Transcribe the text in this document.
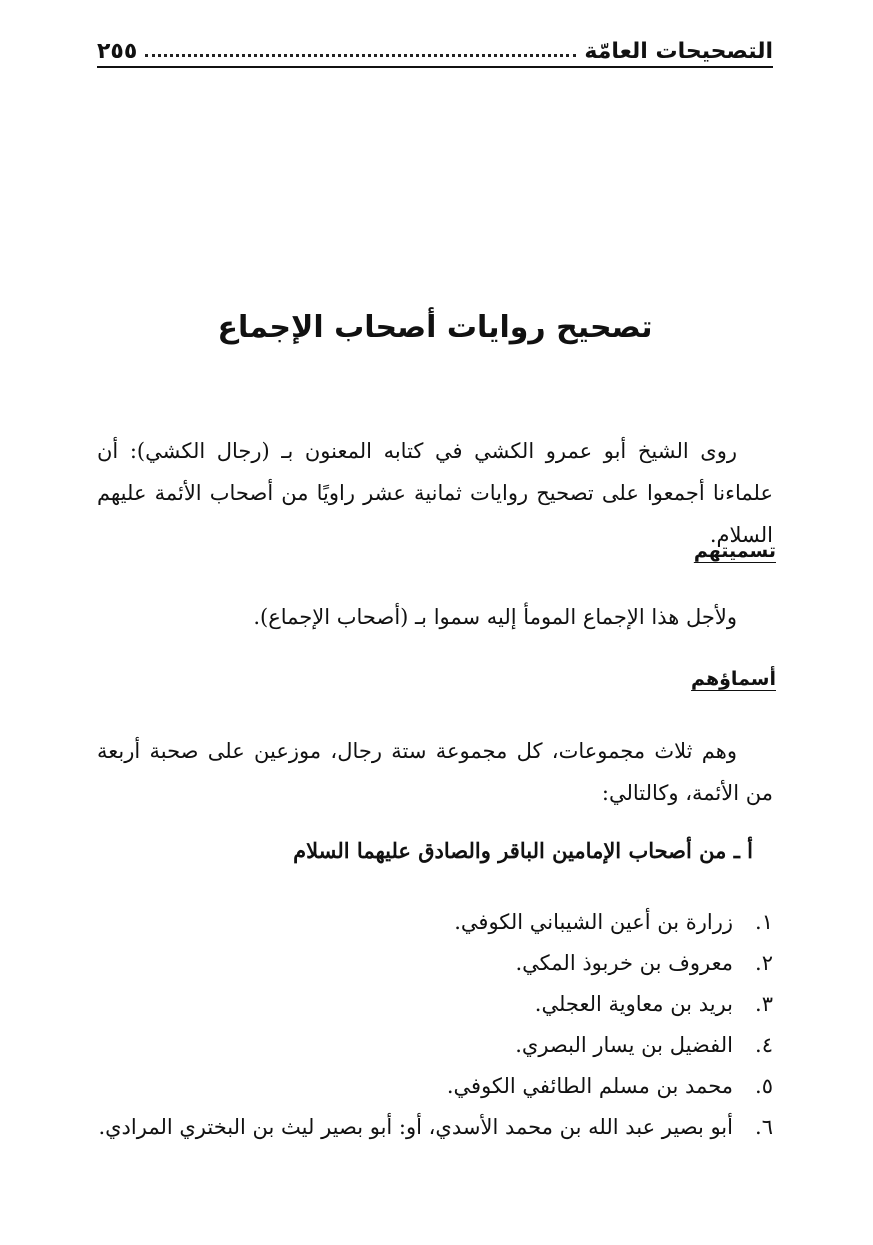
التصحيحات العامّة
٢٥٥
تصحيح روايات أصحاب الإجماع

روى الشيخ أبو عمرو الكشي في كتابه المعنون بـ (رجال الكشي): أن علماءنا أجمعوا على تصحيح روايات ثمانية عشر راويًا من أصحاب الأئمة عليهم السلام.

تسميتهم

ولأجل هذا الإجماع المومأ إليه سموا بـ (أصحاب الإجماع).

أسماؤهم

وهم ثلاث مجموعات، كل مجموعة ستة رجال، موزعين على صحبة أربعة من الأئمة، وكالتالي:

أ ـ من أصحاب الإمامين الباقر والصادق عليهما السلام
١.
زرارة بن أعين الشيباني الكوفي.
٢.
معروف بن خربوذ المكي.
٣.
بريد بن معاوية العجلي.
٤.
الفضيل بن يسار البصري.
٥.
محمد بن مسلم الطائفي الكوفي.
٦.
أبو بصير عبد الله بن محمد الأسدي، أو: أبو بصير ليث بن البختري المرادي.
